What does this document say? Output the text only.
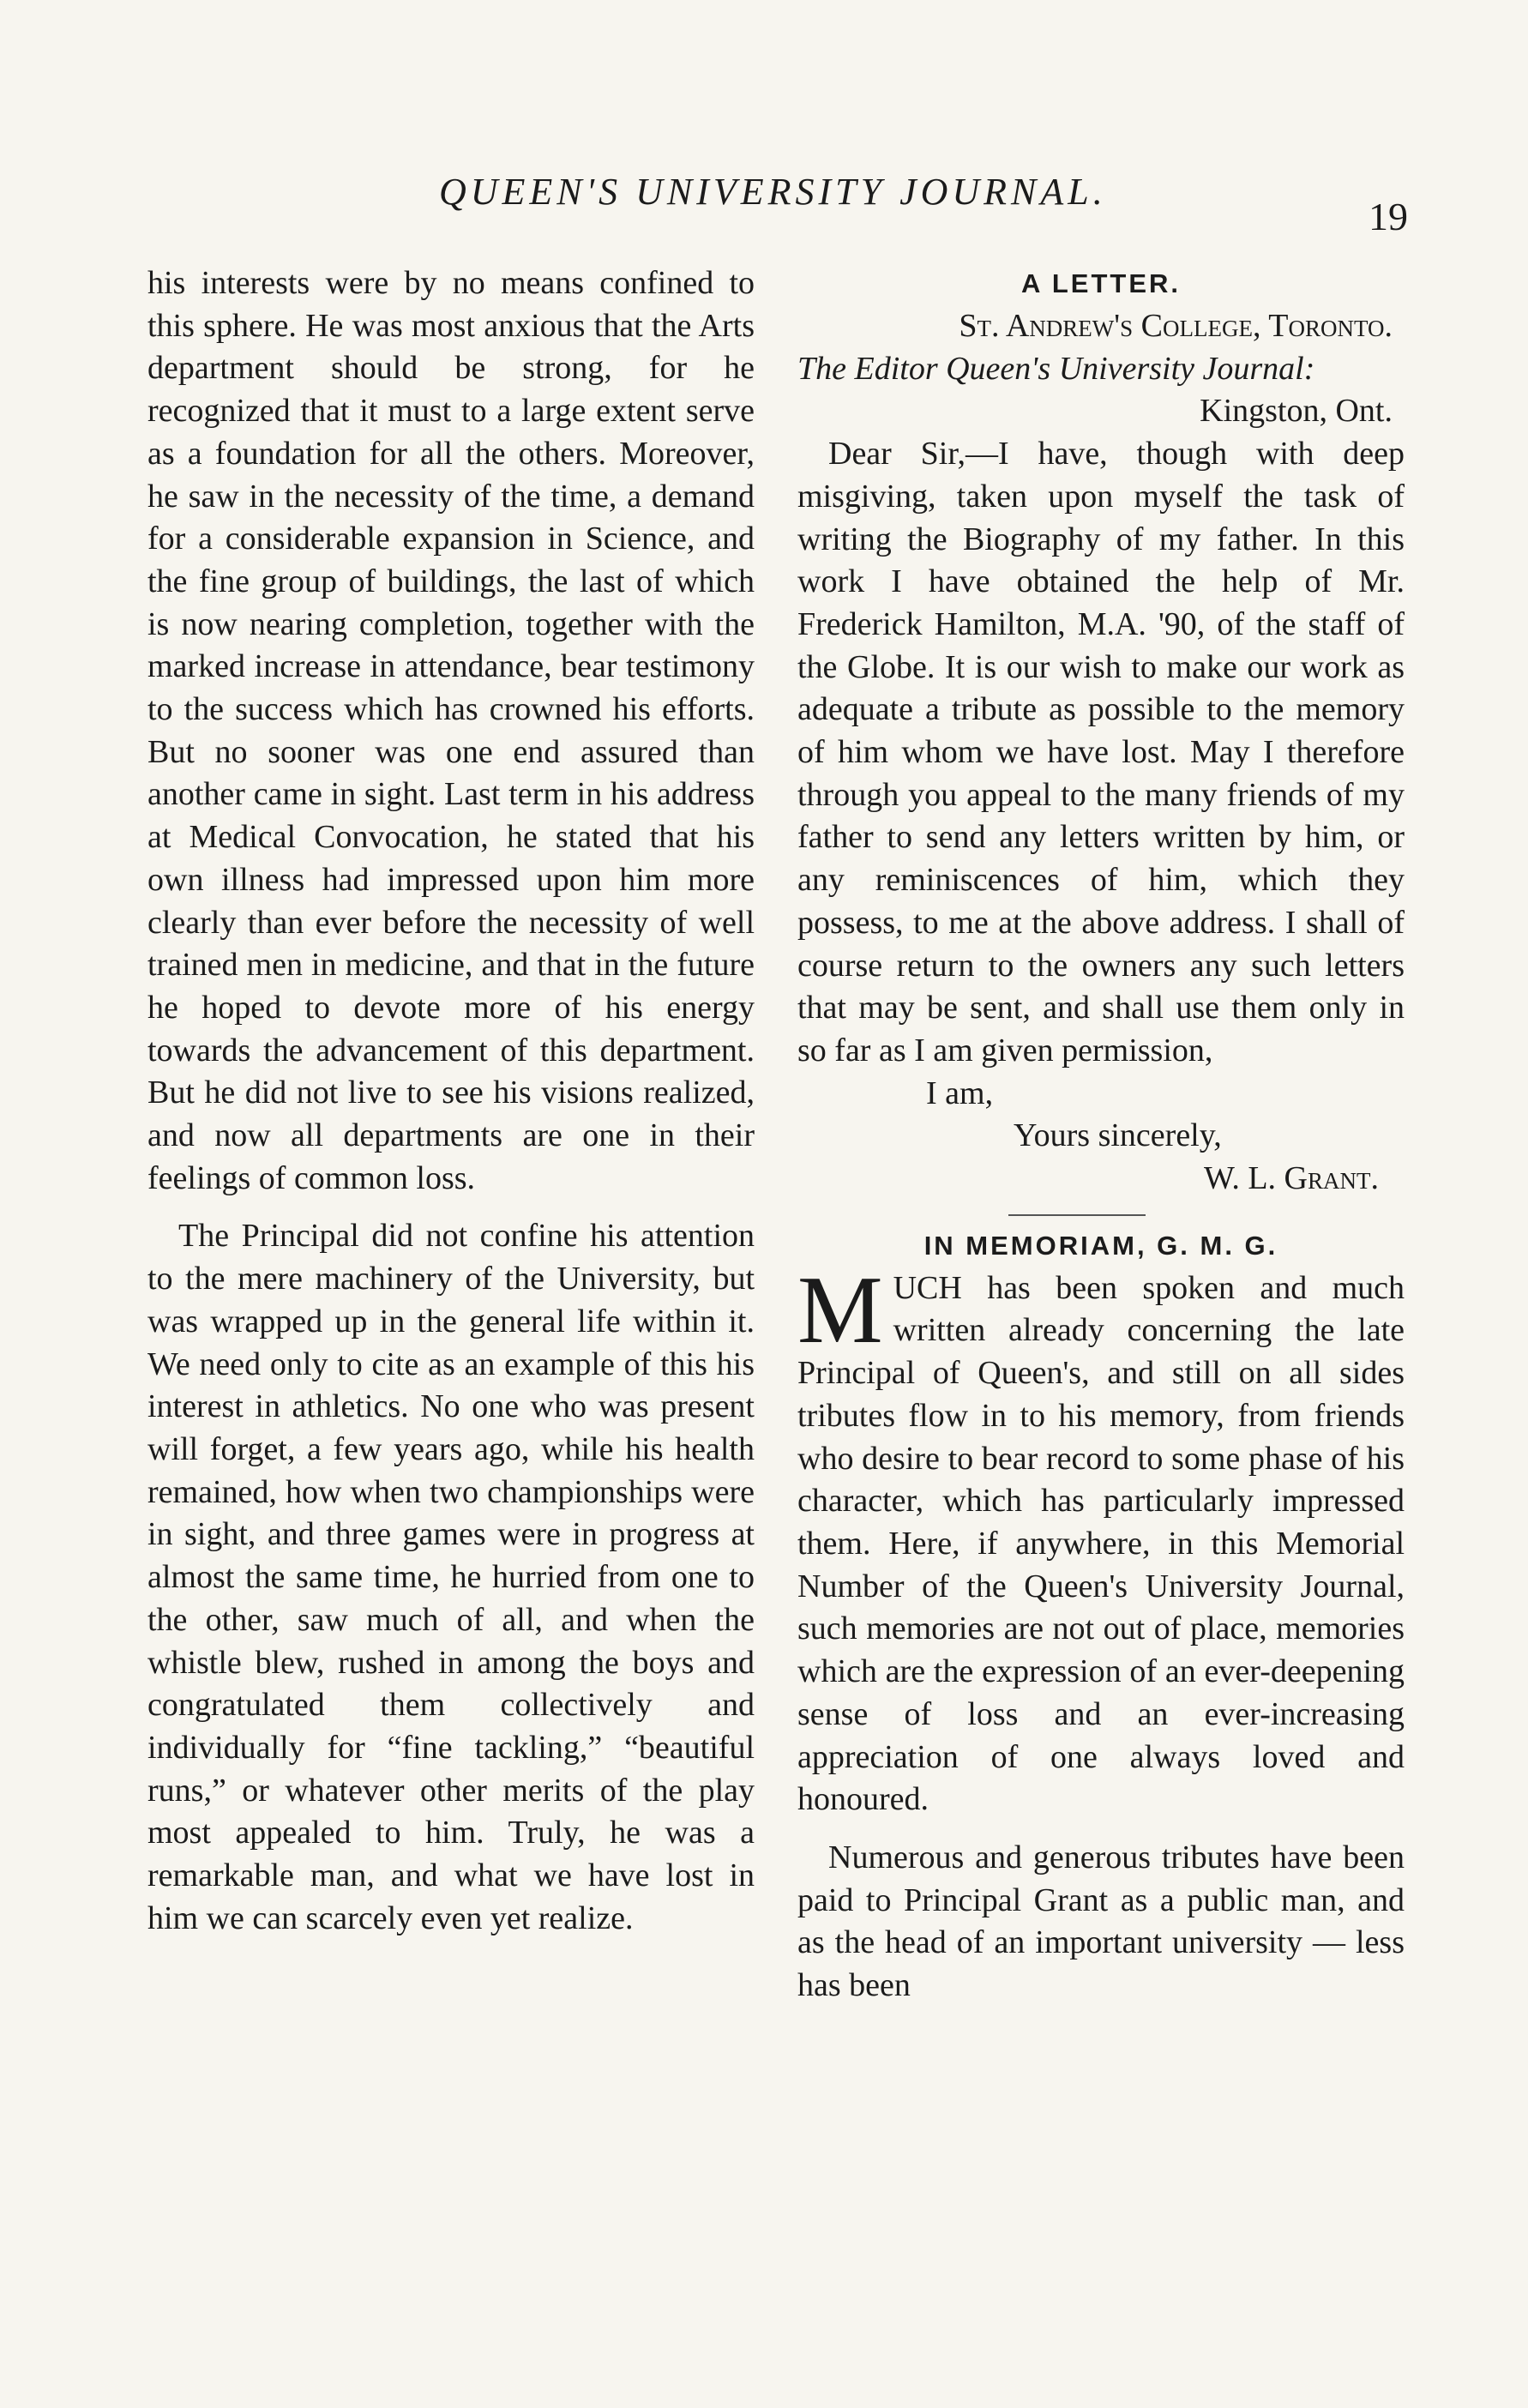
QUEEN'S UNIVERSITY JOURNAL.
19

his interests were by no means confined to this sphere. He was most anxious that the Arts department should be strong, for he recognized that it must to a large extent serve as a foundation for all the others. Moreover, he saw in the necessity of the time, a demand for a considerable expansion in Science, and the fine group of buildings, the last of which is now nearing completion, together with the marked increase in attendance, bear testimony to the success which has crowned his efforts. But no sooner was one end assured than another came in sight. Last term in his address at Medical Convocation, he stated that his own illness had impressed upon him more clearly than ever before the necessity of well trained men in medicine, and that in the future he hoped to devote more of his energy towards the advancement of this department. But he did not live to see his visions realized, and now all departments are one in their feelings of common loss.

The Principal did not confine his attention to the mere machinery of the University, but was wrapped up in the general life within it. We need only to cite as an example of this his interest in athletics. No one who was present will forget, a few years ago, while his health remained, how when two championships were in sight, and three games were in progress at almost the same time, he hurried from one to the other, saw much of all, and when the whistle blew, rushed in among the boys and congratulated them collectively and individually for “fine tackling,” “beautiful runs,” or whatever other merits of the play most appealed to him. Truly, he was a remarkable man, and what we have lost in him we can scarcely even yet realize.

A LETTER.

St. Andrew's College, Toronto.

The Editor Queen's University Journal:

Kingston, Ont.

Dear Sir,—I have, though with deep misgiving, taken upon myself the task of writing the Biography of my father. In this work I have obtained the help of Mr. Frederick Hamilton, M.A. '90, of the staff of the Globe. It is our wish to make our work as adequate a tribute as possible to the memory of him whom we have lost. May I therefore through you appeal to the many friends of my father to send any letters written by him, or any reminiscences of him, which they possess, to me at the above address. I shall of course return to the owners any such letters that may be sent, and shall use them only in so far as I am given permission,

I am,

Yours sincerely,

W. L. Grant.

IN MEMORIAM, G. M. G.

MUCH has been spoken and much written already concerning the late Principal of Queen's, and still on all sides tributes flow in to his memory, from friends who desire to bear record to some phase of his character, which has particularly impressed them. Here, if anywhere, in this Memorial Number of the Queen's University Journal, such memories are not out of place, memories which are the expression of an ever-deepening sense of loss and an ever-increasing appreciation of one always loved and honoured.

Numerous and generous tributes have been paid to Principal Grant as a public man, and as the head of an important university — less has been
